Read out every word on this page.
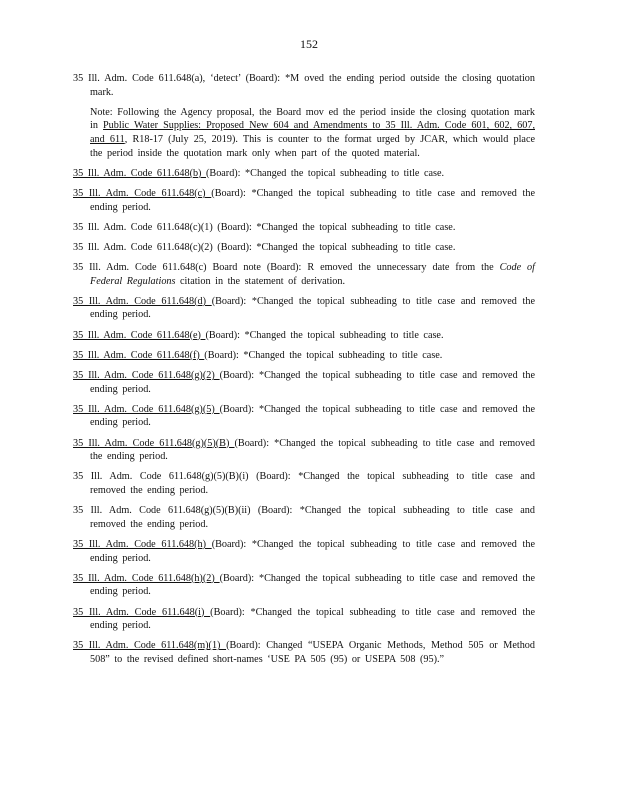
152

35 Ill. Adm. Code 611.648(a), ‘detect’ (Board): *M oved the ending period outside the closing quotation mark.

Note: Following the Agency proposal, the Board mov ed the period inside the closing quotation mark in Public Water Supplies: Proposed New 604 and Amendments to 35 Ill. Adm. Code 601, 602, 607, and 611, R18-17 (July 25, 2019). This is counter to the format urged by JCAR, which would place the period inside the quotation mark only when part of the quoted material.

35 Ill. Adm. Code 611.648(b) (Board): *Changed the topical subheading to title case.

35 Ill. Adm. Code 611.648(c) (Board): *Changed the topical subheading to title case and removed the ending period.

35 Ill. Adm. Code 611.648(c)(1) (Board): *Changed the topical subheading to title case.

35 Ill. Adm. Code 611.648(c)(2) (Board): *Changed the topical subheading to title case.

35 Ill. Adm. Code 611.648(c) Board note (Board): R emoved the unnecessary date from the Code of Federal Regulations citation in the statement of derivation.

35 Ill. Adm. Code 611.648(d) (Board): *Changed the topical subheading to title case and removed the ending period.

35 Ill. Adm. Code 611.648(e) (Board): *Changed the topical subheading to title case.

35 Ill. Adm. Code 611.648(f) (Board): *Changed the topical subheading to title case.

35 Ill. Adm. Code 611.648(g)(2) (Board): *Changed the topical subheading to title case and removed the ending period.

35 Ill. Adm. Code 611.648(g)(5) (Board): *Changed the topical subheading to title case and removed the ending period.

35 Ill. Adm. Code 611.648(g)(5)(B) (Board): *Changed the topical subheading to title case and removed the ending period.

35 Ill. Adm. Code 611.648(g)(5)(B)(i) (Board): *Changed the topical subheading to title case and removed the ending period.

35 Ill. Adm. Code 611.648(g)(5)(B)(ii) (Board): *Changed the topical subheading to title case and removed the ending period.

35 Ill. Adm. Code 611.648(h) (Board): *Changed the topical subheading to title case and removed the ending period.

35 Ill. Adm. Code 611.648(h)(2) (Board): *Changed the topical subheading to title case and removed the ending period.

35 Ill. Adm. Code 611.648(i) (Board): *Changed the topical subheading to title case and removed the ending period.

35 Ill. Adm. Code 611.648(m)(1) (Board): Changed “USEPA Organic Methods, Method 505 or Method 508” to the revised defined short-names ‘USE PA 505 (95) or USEPA 508 (95).”
